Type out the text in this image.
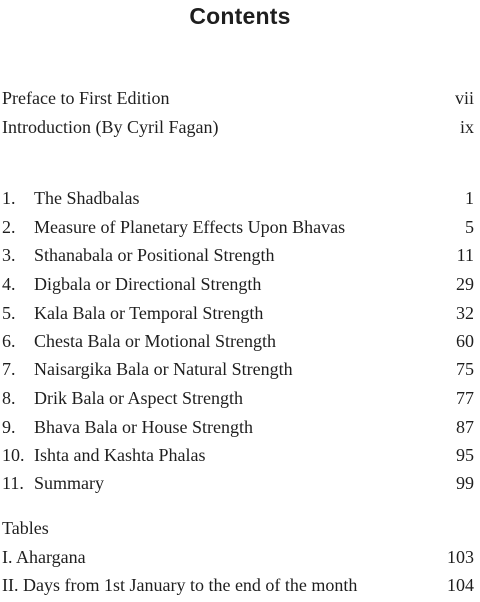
Contents
Preface to First Edition	vii
Introduction (By Cyril Fagan)	ix
1. The Shadbalas	1
2. Measure of Planetary Effects Upon Bhavas	5
3. Sthanabala or Positional Strength	11
4. Digbala or Directional Strength	29
5. Kala Bala or Temporal Strength	32
6. Chesta Bala or Motional Strength	60
7. Naisargika Bala or Natural Strength	75
8. Drik Bala or Aspect Strength	77
9. Bhava Bala or House Strength	87
10. Ishta and Kashta Phalas	95
11. Summary	99
Tables
I. Ahargana	103
II. Days from 1st January to the end of the month	104
